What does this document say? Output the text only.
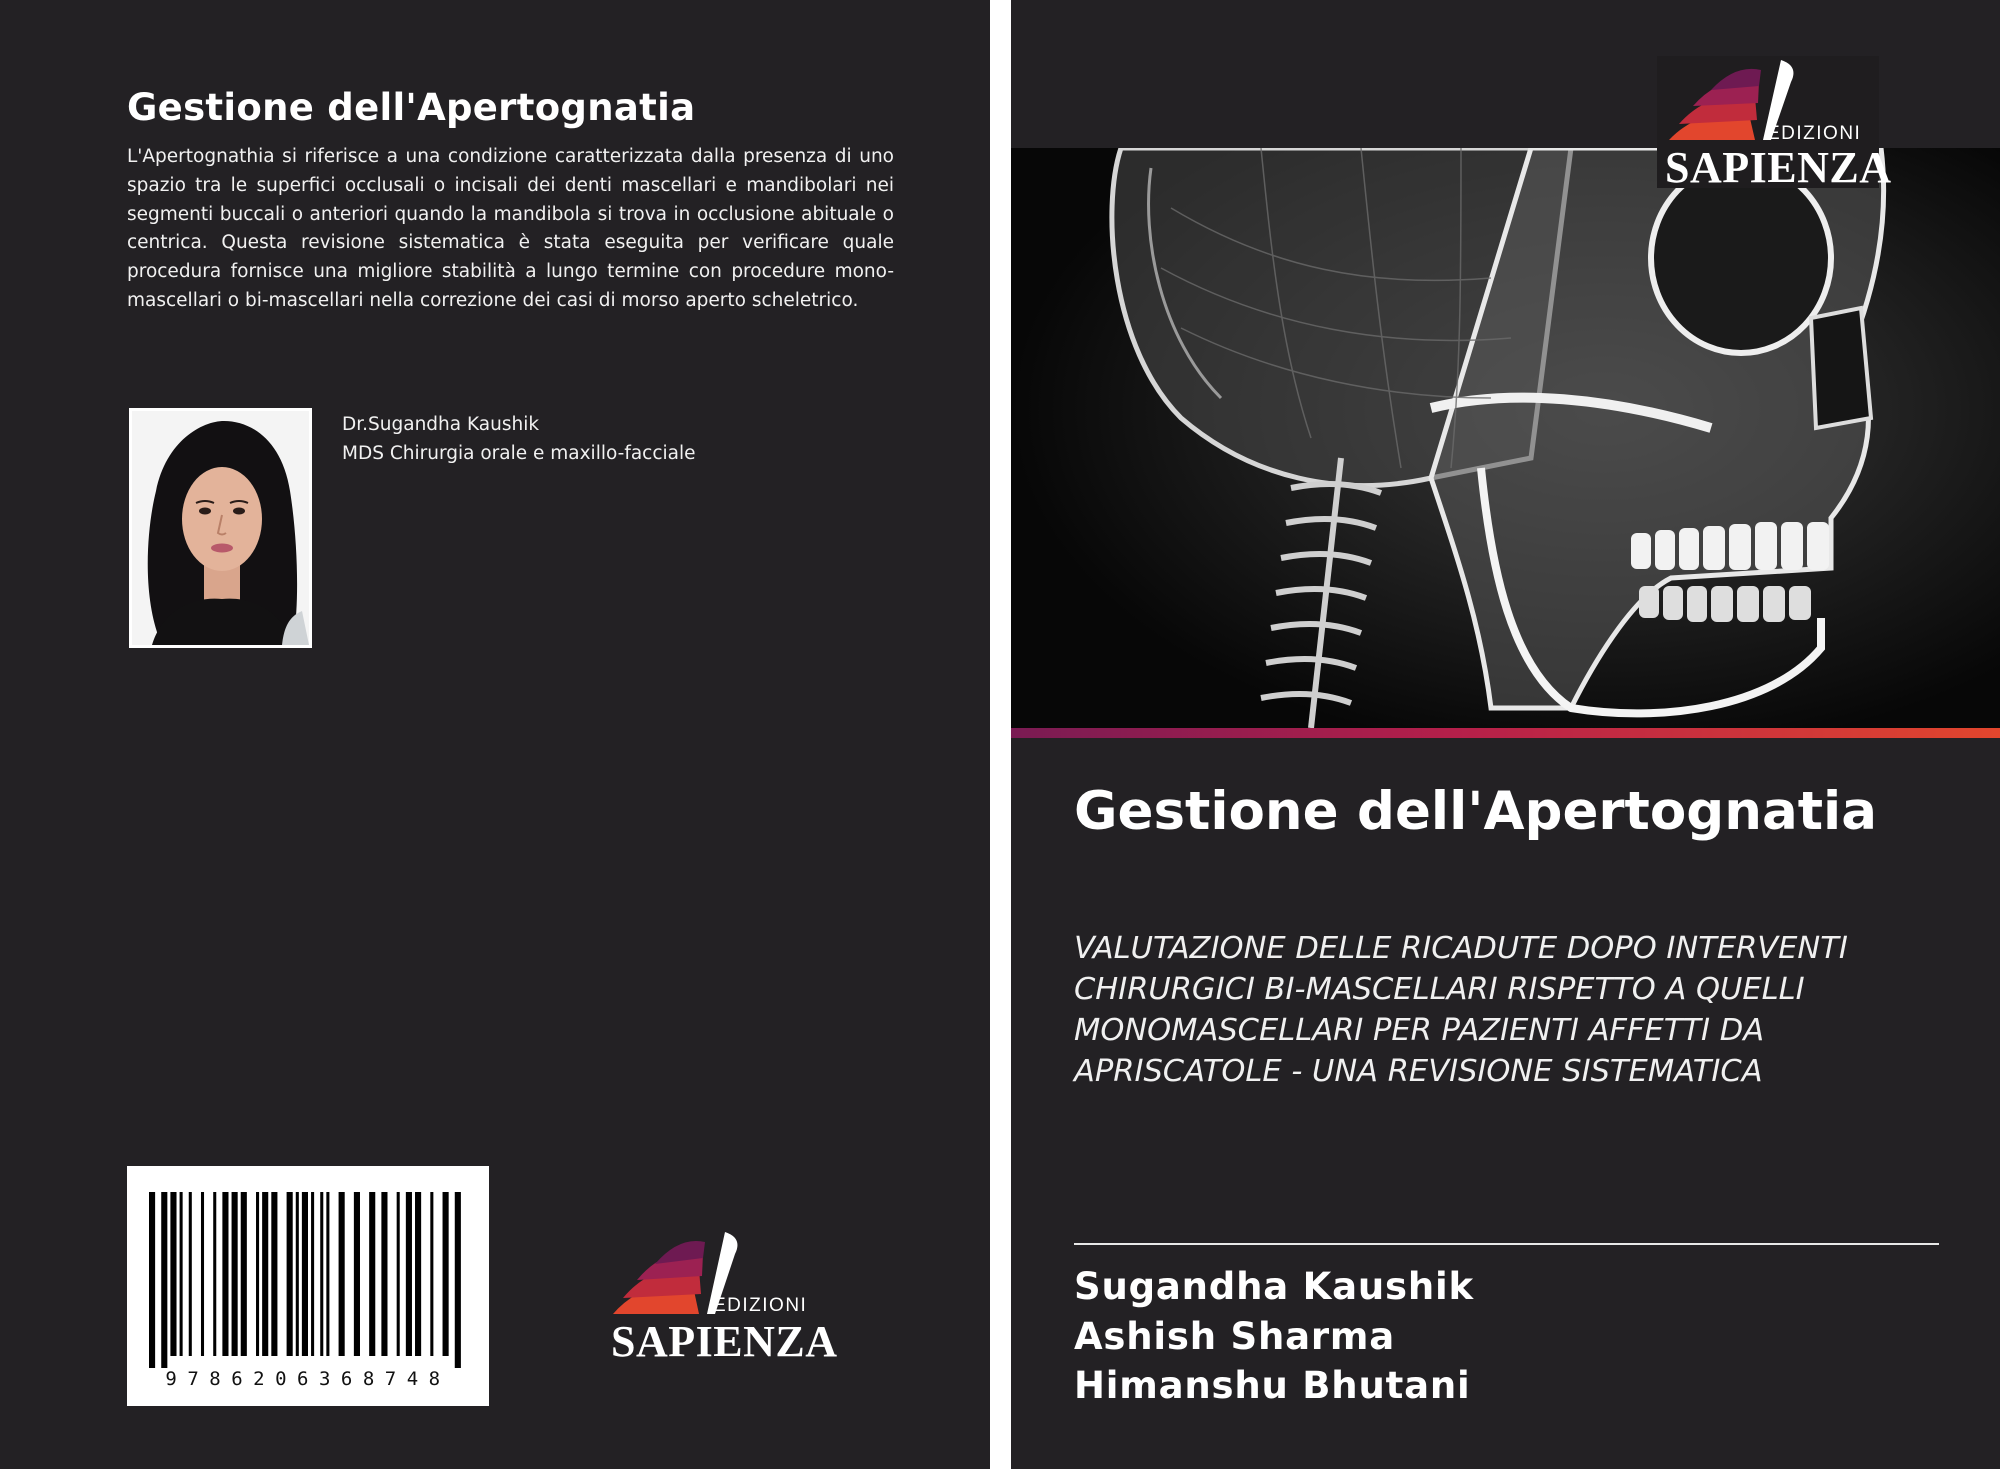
Gestione dell'Apertognatia
L'Apertognathia si riferisce a una condizione caratterizzata dalla presenza di uno spazio tra le superfici occlusali o incisali dei denti mascellari e mandibolari nei segmenti buccali o anteriori quando la mandibola si trova in occlusione abituale o centrica. Questa revisione sistematica è stata eseguita per verificare quale procedura fornisce una migliore stabilità a lungo termine con procedure mono-mascellari o bi-mascellari nella correzione dei casi di morso aperto scheletrico.
Dr.Sugandha Kaushik
MDS Chirurgia orale e maxillo-facciale
9786206368748
EDIZIONI
SAPIENZA
EDIZIONI
SAPIENZA
Gestione dell'Apertognatia
VALUTAZIONE DELLE RICADUTE DOPO INTERVENTI CHIRURGICI BI-MASCELLARI RISPETTO A QUELLI MONOMASCELLARI PER PAZIENTI AFFETTI DA APRISCATOLE - UNA REVISIONE SISTEMATICA
Sugandha Kaushik
Ashish Sharma
Himanshu Bhutani
